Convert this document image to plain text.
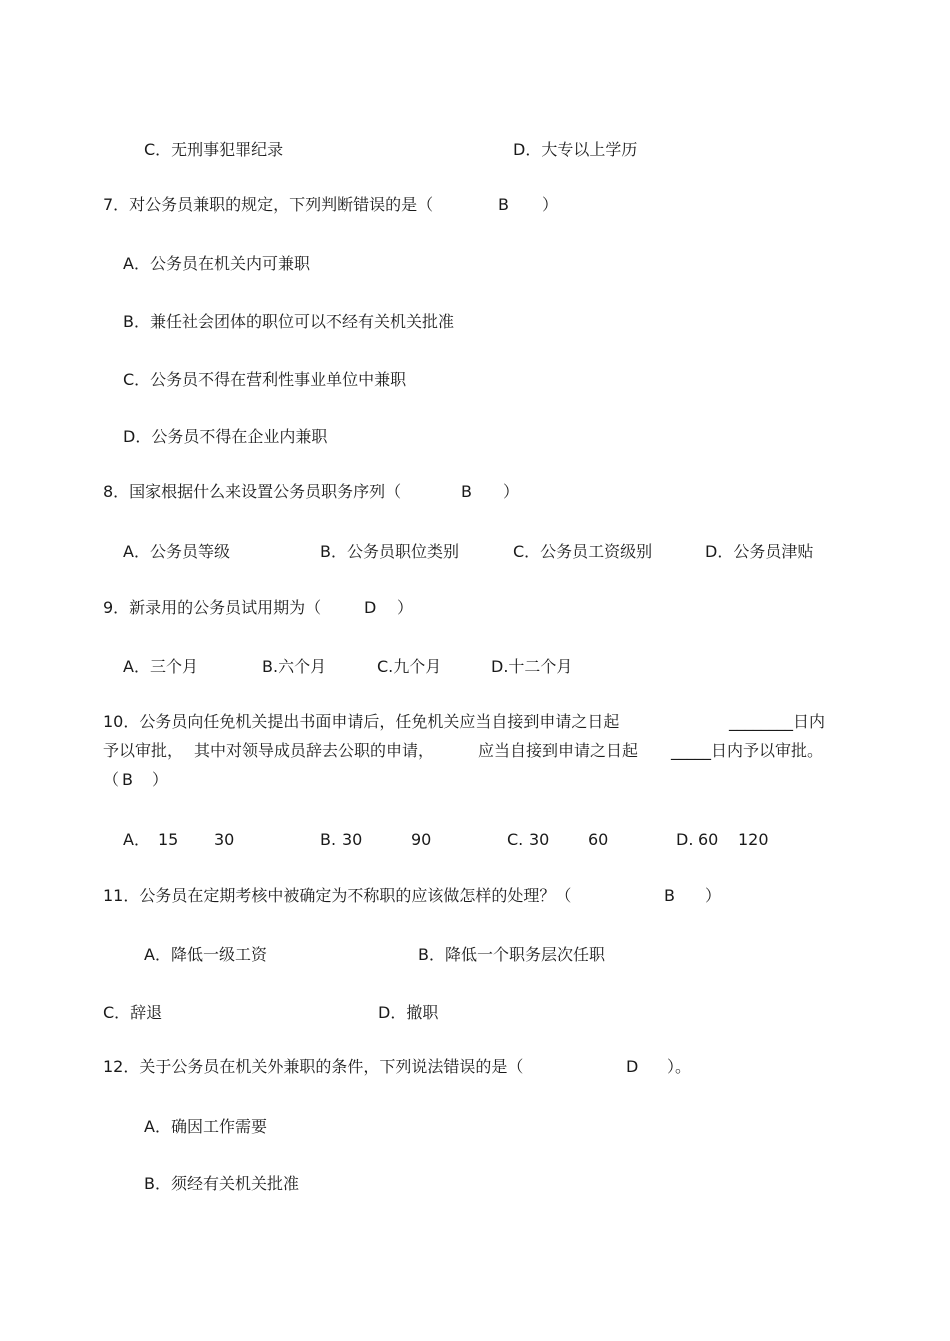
C．无刑事犯罪纪录	D．大专以上学历
7．对公务员兼职的规定，下列判断错误的是（	B ）
A．公务员在机关内可兼职
B．兼任社会团体的职位可以不经有关机关批准
C．公务员不得在营利性事业单位中兼职
D．公务员不得在企业内兼职
8．国家根据什么来设置公务员职务序列（	B ）
A．公务员等级	B．公务员职位类别	C．公务员工资级别	D．公务员津贴
9．新录用的公务员试用期为（	D ）
A．三个月	B.六个月	C.九个月	D.十二个月
10．公务员向任免机关提出书面申请后，任免机关应当自接到申请之日起	________日内
予以审批， 其中对领导成员辞去公职的申请，	应当自接到申请之日起 _____日内予以审批。
（ B ）
A． 15 30	B. 30	90	C. 30 60	D. 60 120
11．公务员在定期考核中被确定为不称职的应该做怎样的处理？（	B ）
A．降低一级工资	B．降低一个职务层次任职
C．辞退	D．撤职
12．关于公务员在机关外兼职的条件，下列说法错误的是（	D ）。
A．确因工作需要
B．须经有关机关批准
